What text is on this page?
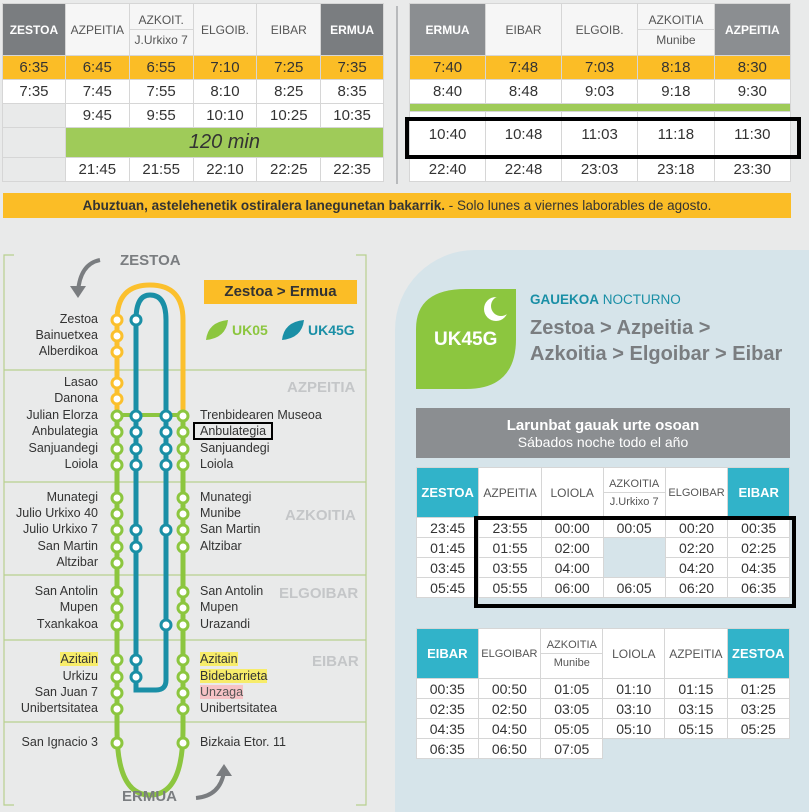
ZESTOA	AZPEITIA	AZKOIT.
J.Urkixo 7	ELGOIB.	EIBAR	ERMUA
6:35	6:45	6:55	7:10	7:25	7:35
7:35	7:45	7:55	8:10	8:25	8:35
	9:45	9:55	10:10	10:25	10:35
	120 min				
	21:45	21:55	22:10	22:25	22:35
ERMUA	EIBAR	ELGOIB.	AZKOITIA
Munibe	AZPEITIA
7:40	7:48	7:03	8:18	8:30
8:40	8:48	9:03	9:18	9:30

10:40	10:48	11:03	11:18	11:30
22:40	22:48	23:03	23:18	23:30
Abuztuan, astelehenetik ostiralera lanegunetan bakarrik. - Solo lunes a viernes laborables de agosto.
ZESTOA
ERMUA
Zestoa > Ermua
UK05	UK45G
AZPEITIA
AZKOITIA
ELGOIBAR
EIBAR
Zestoa
Bainuetxea
Alberdikoa
Lasao
Danona
Julian Elorza
Anbulategia
Sanjuandegi
Loiola
Munategi
Julio Urkixo 40
Julio Urkixo 7
San Martin
Altzibar
San Antolin
Mupen
Txankakoa
Azitain
Urkizu
San Juan 7
Unibertsitatea
San Ignacio 3
Trenbidearen Museoa
Anbulategia
Sanjuandegi
Loiola
Munategi
Munibe
San Martin
Altzibar
San Antolin
Mupen
Urazandi
Azitain
Bidebarrieta
Unzaga
Unibertsitatea
Bizkaia Etor. 11
UK45G
GAUEKOA NOCTURNO
Zestoa > Azpeitia >
Azkoitia > Elgoibar > Eibar
Larunbat gauak urte osoan
Sábados noche todo el año
ZESTOA	AZPEITIA	LOIOLA	AZKOITIA
J.Urkixo 7	ELGOIBAR	EIBAR
23:45	23:55	00:00	00:05	00:20	00:35
01:45	01:55	02:00		02:20	02:25
03:45	03:55	04:00		04:20	04:35
05:45	05:55	06:00	06:05	06:20	06:35
EIBAR	ELGOIBAR	AZKOITIA
Munibe	LOIOLA	AZPEITIA	ZESTOA
00:35	00:50	01:05	01:10	01:15	01:25
02:35	02:50	03:05	03:10	03:15	03:25
04:35	04:50	05:05	05:10	05:15	05:25
06:35	06:50	07:05			
